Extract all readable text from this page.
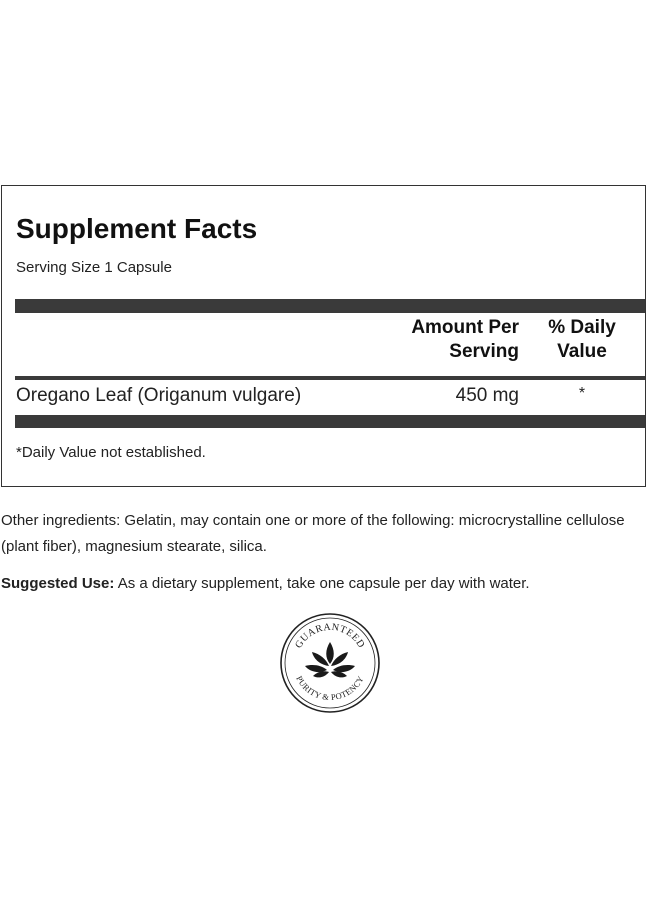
Supplement Facts
Serving Size 1 Capsule
Amount Per
Serving
% Daily
Value
Oregano Leaf (Origanum vulgare)	450 mg	*
*Daily Value not established.
Other ingredients: Gelatin, may contain one or more of the following: microcrystalline cellulose (plant fiber), magnesium stearate, silica.
Suggested Use: As a dietary supplement, take one capsule per day with water.
GUARANTEED
PURITY & POTENCY
